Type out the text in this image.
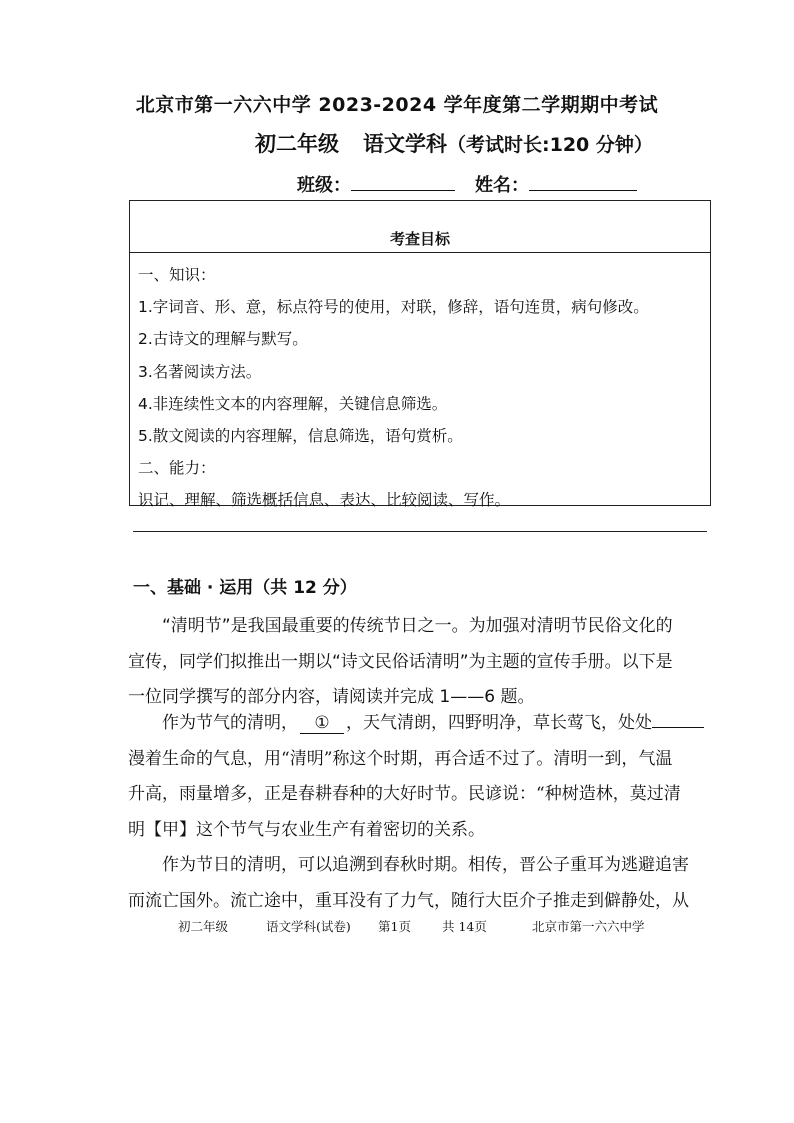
北京市第一六六中学 2023-2024 学年度第二学期期中考试
初二年级 语文学科（考试时长:120 分钟）
班级：	姓名：
考查目标
一、知识：
1.字词音、形、意，标点符号的使用，对联，修辞，语句连贯，病句修改。
2.古诗文的理解与默写。
3.名著阅读方法。
4.非连续性文本的内容理解，关键信息筛选。
5.散文阅读的内容理解，信息筛选，语句赏析。
二、能力：
识记、理解、筛选概括信息、表达、比较阅读、写作。
一、基础 · 运用（共 12 分）
“清明节”是我国最重要的传统节日之一。为加强对清明节民俗文化的
宣传，同学们拟推出一期以“诗文民俗话清明”为主题的宣传手册。以下是
一位同学撰写的部分内容，请阅读并完成 1——6 题。
作为节气的清明， ① ，天气清朗，四野明净，草长莺飞，处处
漫着生命的气息，用“清明”称这个时期，再合适不过了。清明一到，气温
升高，雨量增多，正是春耕春种的大好时节。民谚说：“种树造林，莫过清
明【甲】这个节气与农业生产有着密切的关系。
作为节日的清明，可以追溯到春秋时期。相传，晋公子重耳为逃避追害
而流亡国外。流亡途中，重耳没有了力气，随行大臣介子推走到僻静处，从
初二年级	语文学科(试卷) 第1页 共 14页	北京市第一六六中学
